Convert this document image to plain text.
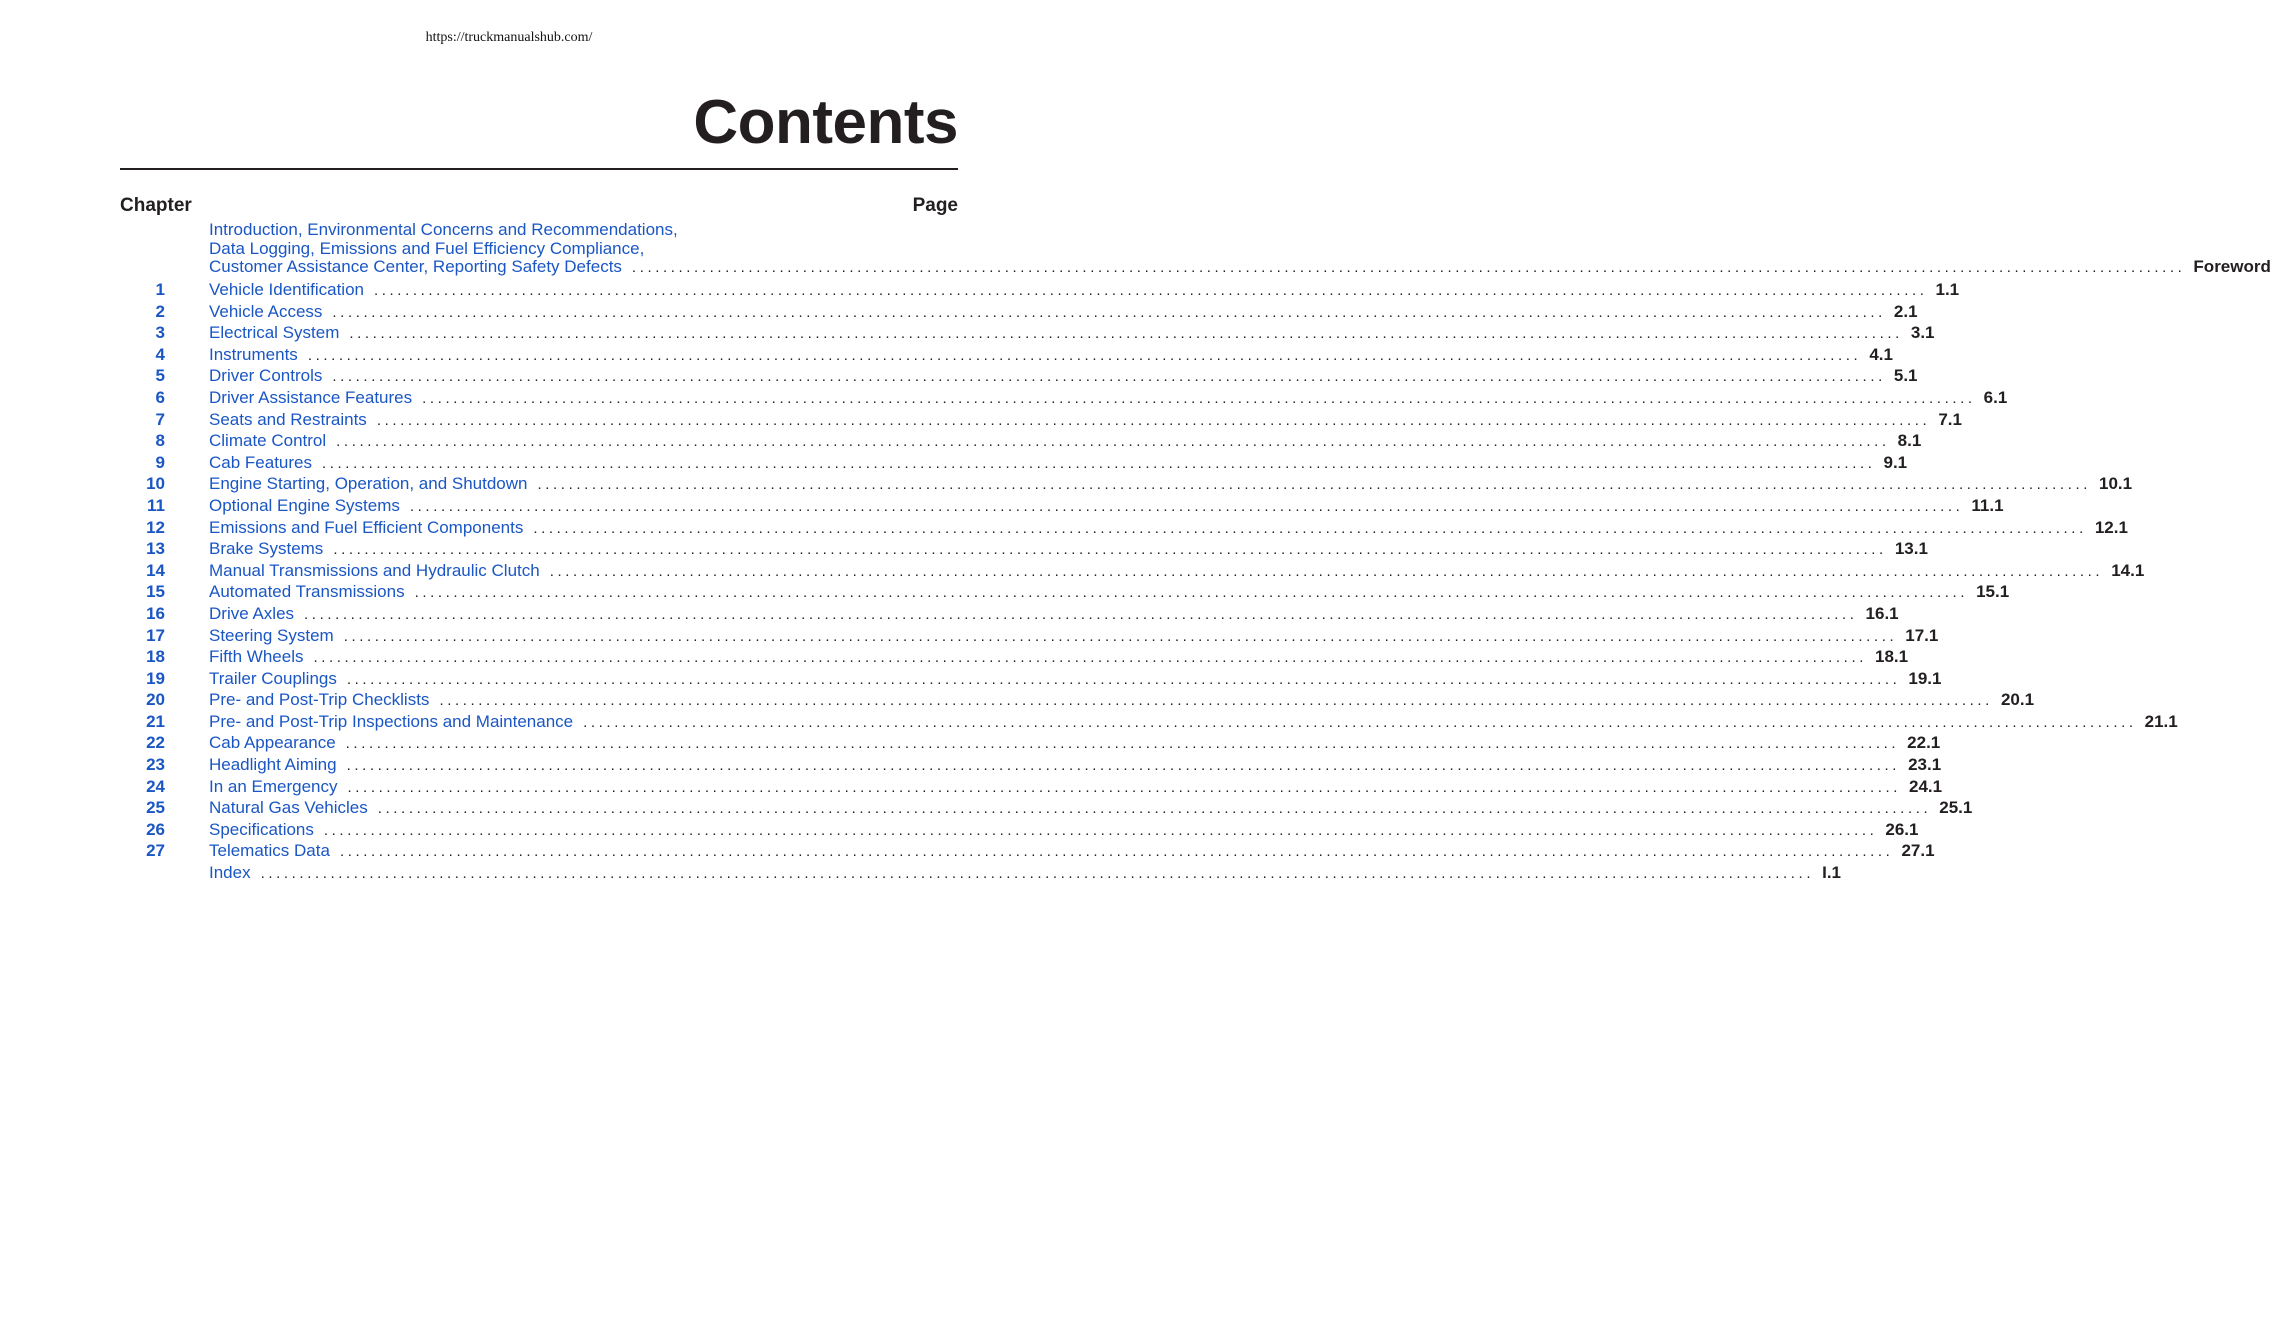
https://truckmanualshub.com/
Contents
Chapter	Page
Introduction, Environmental Concerns and Recommendations,
Data Logging, Emissions and Fuel Efficiency Compliance,
Customer Assistance Center, Reporting Safety Defects ........................................................................................................................................................................................................ Foreword
1	Vehicle Identification ........................................................................................................................................................................................................ 1.1
2	Vehicle Access ........................................................................................................................................................................................................ 2.1
3	Electrical System ........................................................................................................................................................................................................ 3.1
4	Instruments ........................................................................................................................................................................................................ 4.1
5	Driver Controls ........................................................................................................................................................................................................ 5.1
6	Driver Assistance Features ........................................................................................................................................................................................................ 6.1
7	Seats and Restraints ........................................................................................................................................................................................................ 7.1
8	Climate Control ........................................................................................................................................................................................................ 8.1
9	Cab Features ........................................................................................................................................................................................................ 9.1
10	Engine Starting, Operation, and Shutdown ........................................................................................................................................................................................................ 10.1
11	Optional Engine Systems ........................................................................................................................................................................................................ 11.1
12	Emissions and Fuel Efficient Components ........................................................................................................................................................................................................ 12.1
13	Brake Systems ........................................................................................................................................................................................................ 13.1
14	Manual Transmissions and Hydraulic Clutch ........................................................................................................................................................................................................ 14.1
15	Automated Transmissions ........................................................................................................................................................................................................ 15.1
16	Drive Axles ........................................................................................................................................................................................................ 16.1
17	Steering System ........................................................................................................................................................................................................ 17.1
18	Fifth Wheels ........................................................................................................................................................................................................ 18.1
19	Trailer Couplings ........................................................................................................................................................................................................ 19.1
20	Pre- and Post-Trip Checklists ........................................................................................................................................................................................................ 20.1
21	Pre- and Post-Trip Inspections and Maintenance ........................................................................................................................................................................................................ 21.1
22	Cab Appearance ........................................................................................................................................................................................................ 22.1
23	Headlight Aiming ........................................................................................................................................................................................................ 23.1
24	In an Emergency ........................................................................................................................................................................................................ 24.1
25	Natural Gas Vehicles ........................................................................................................................................................................................................ 25.1
26	Specifications ........................................................................................................................................................................................................ 26.1
27	Telematics Data ........................................................................................................................................................................................................ 27.1
Index ........................................................................................................................................................................................................ I.1
